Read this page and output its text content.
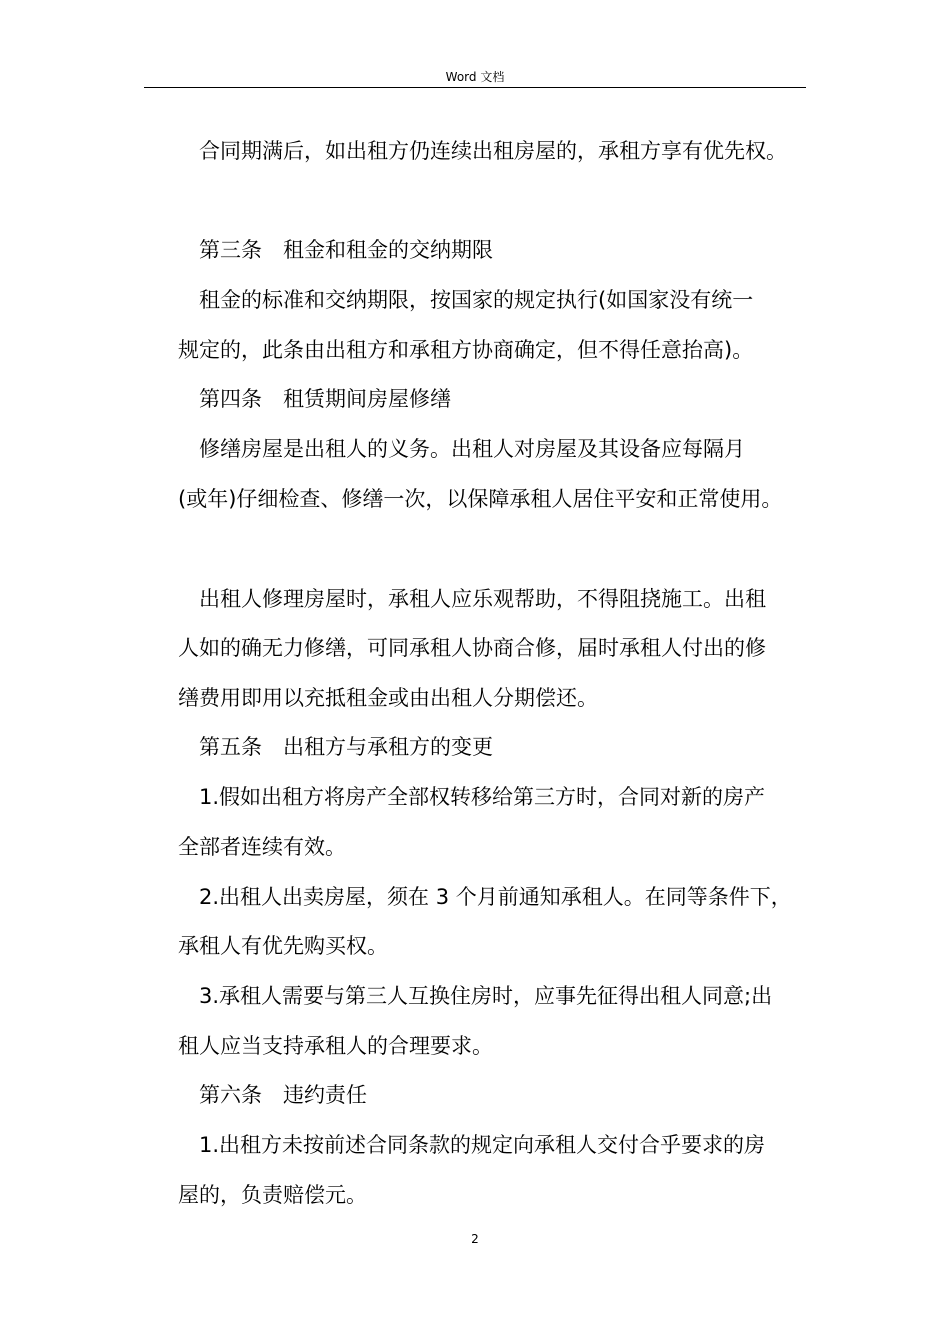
Word 文档
合同期满后，如出租方仍连续出租房屋的，承租方享有优先权。
第三条　租金和租金的交纳期限
租金的标准和交纳期限，按国家的规定执行(如国家没有统一
规定的，此条由出租方和承租方协商确定，但不得任意抬高)。
第四条　租赁期间房屋修缮
修缮房屋是出租人的义务。出租人对房屋及其设备应每隔月
(或年)仔细检查、修缮一次，以保障承租人居住平安和正常使用。
出租人修理房屋时，承租人应乐观帮助，不得阻挠施工。出租
人如的确无力修缮，可同承租人协商合修，届时承租人付出的修
缮费用即用以充抵租金或由出租人分期偿还。
第五条　出租方与承租方的变更
1.假如出租方将房产全部权转移给第三方时，合同对新的房产
全部者连续有效。
2.出租人出卖房屋，须在 3 个月前通知承租人。在同等条件下，
承租人有优先购买权。
3.承租人需要与第三人互换住房时，应事先征得出租人同意;出
租人应当支持承租人的合理要求。
第六条　违约责任
1.出租方未按前述合同条款的规定向承租人交付合乎要求的房
屋的，负责赔偿元。
2
